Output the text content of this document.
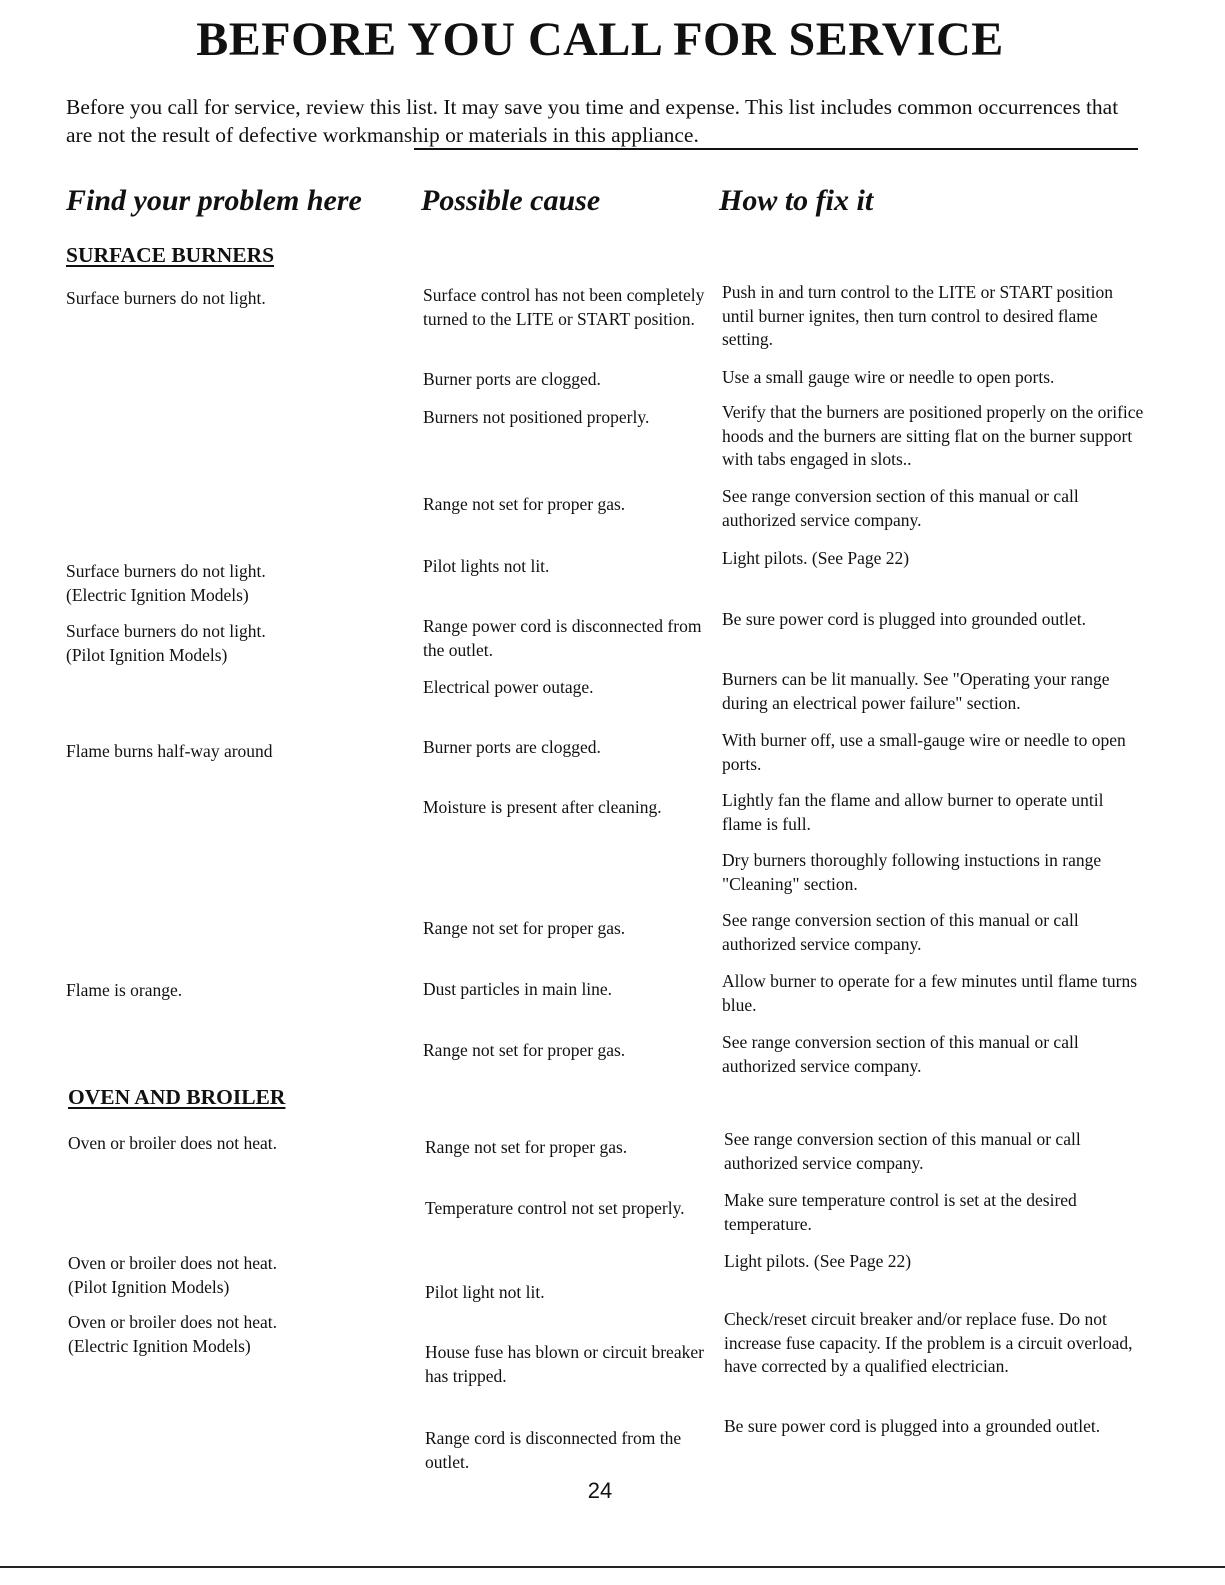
BEFORE YOU CALL FOR SERVICE

Before you call for service, review this list. It may save you time and expense. This list includes common occurrences that are not the result of defective workmanship or materials in this appliance.

Find your problem here Possible cause	How to fix it
SURFACE BURNERS

Surface burners do not light.

Surface burners do not light.
(Electric Ignition Models)

Surface burners do not light.
(Pilot Ignition Models)

Flame burns half-way around

Flame is orange.

Surface control has not been completely turned to the LITE or START position.

Burner ports are clogged.

Burners not positioned properly.

Range not set for proper gas.

Pilot lights not lit.

Range power cord is disconnected from the outlet.

Electrical power outage.

Burner ports are clogged.

Moisture is present after cleaning.

Range not set for proper gas.

Dust particles in main line.

Range not set for proper gas.

Push in and turn control to the LITE or START position until burner ignites, then turn control to desired flame setting.

Use a small gauge wire or needle to open ports.

Verify that the burners are positioned properly on the orifice hoods and the burners are sitting flat on the burner support with tabs engaged in slots..

See range conversion section of this manual or call authorized service company.

Light pilots. (See Page 22)

Be sure power cord is plugged into grounded outlet.

Burners can be lit manually. See "Operating your range during an electrical power failure" section.

With burner off, use a small-gauge wire or needle to open ports.

Lightly fan the flame and allow burner to operate until flame is full.

Dry burners thoroughly following instuctions in range "Cleaning" section.

See range conversion section of this manual or call authorized service company.

Allow burner to operate for a few minutes until flame turns blue.

See range conversion section of this manual or call authorized service company.

OVEN AND BROILER

Oven or broiler does not heat.

Oven or broiler does not heat.
(Pilot Ignition Models)

Oven or broiler does not heat.
(Electric Ignition Models)

Range not set for proper gas.

Temperature control not set properly.

Pilot light not lit.

House fuse has blown or circuit breaker has tripped.

Range cord is disconnected from the outlet.

See range conversion section of this manual or call authorized service company.

Make sure temperature control is set at the desired temperature.

Light pilots. (See Page 22)

Check/reset circuit breaker and/or replace fuse. Do not increase fuse capacity. If the problem is a circuit overload, have corrected by a qualified electrician.

Be sure power cord is plugged into a grounded outlet.

24
